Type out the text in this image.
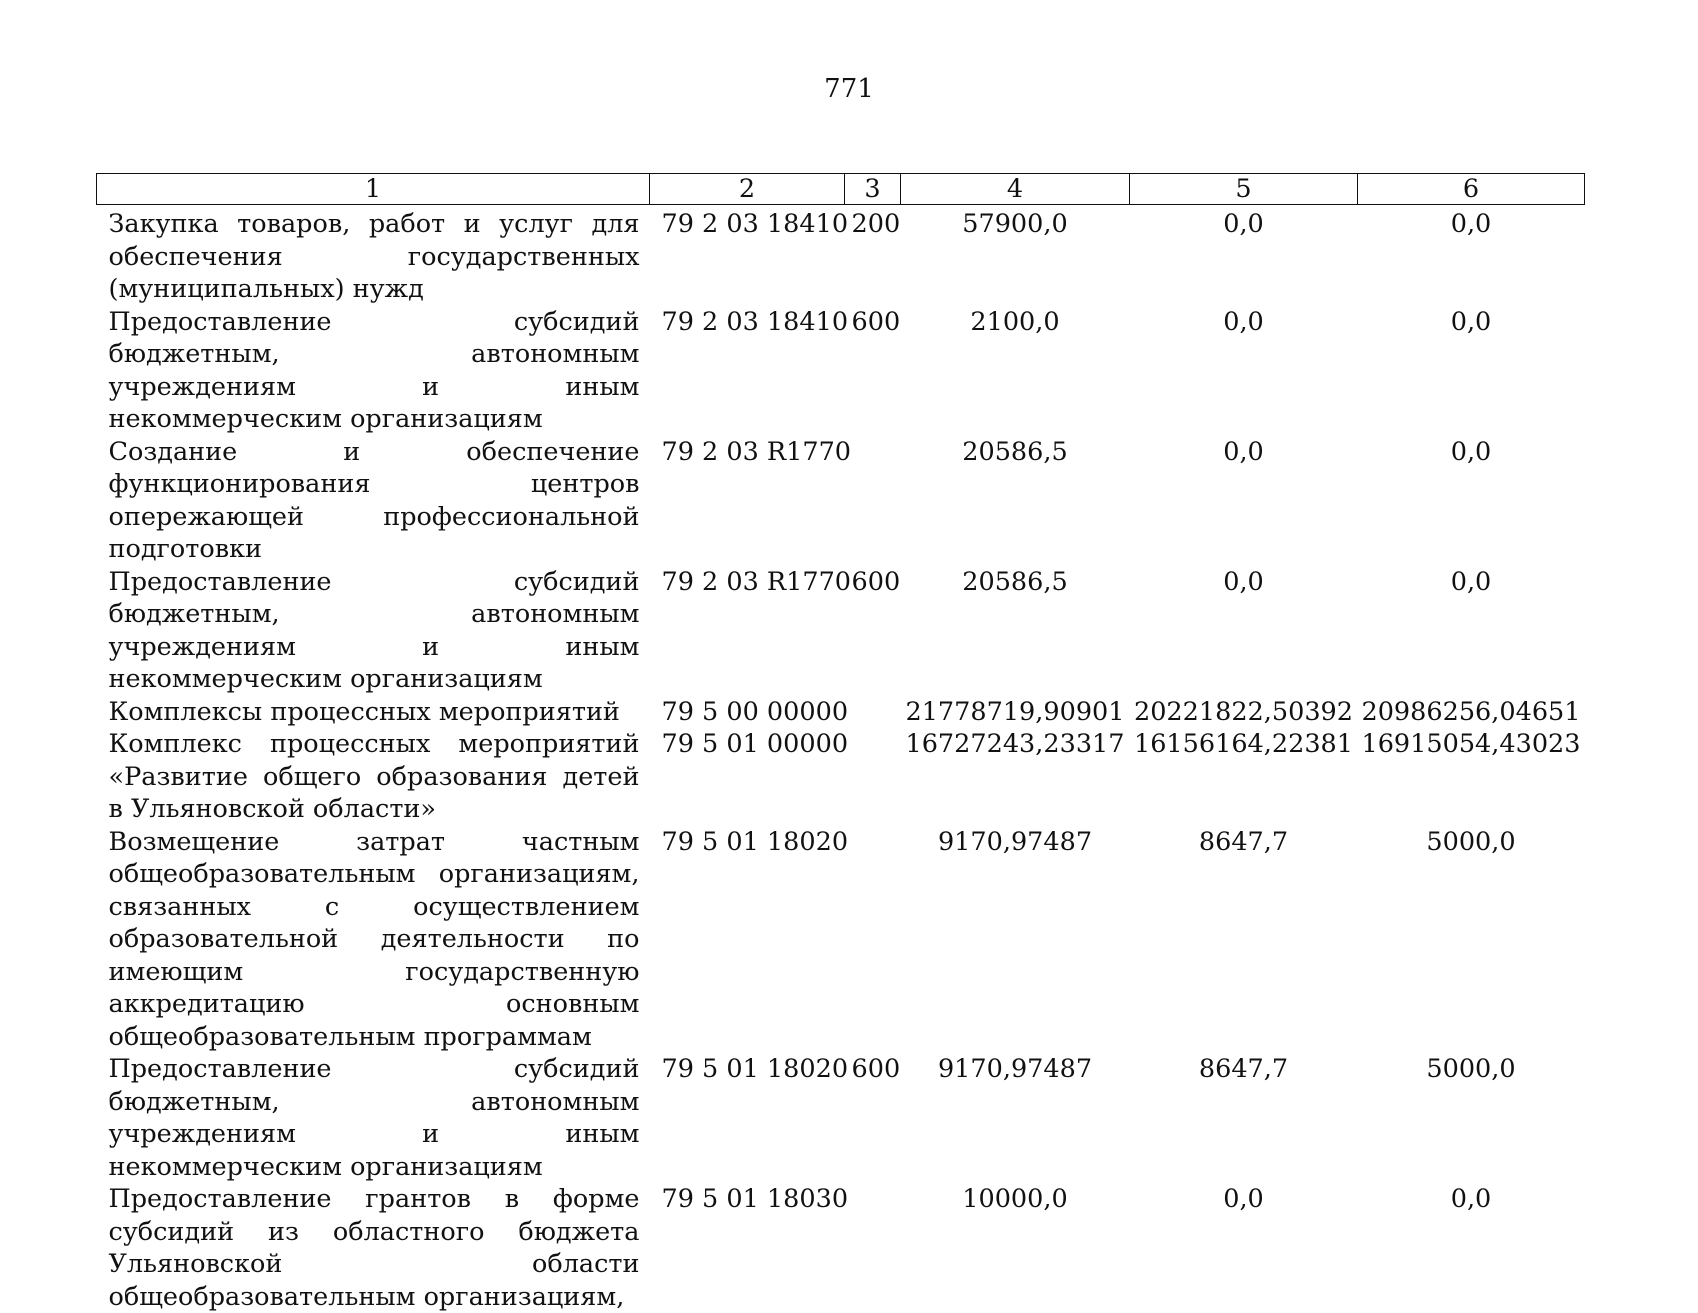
771
1	2	3	4	5	6
Закупка товаров, работ и услуг для обеспечения государственных (муниципальных) нужд	79 2 03 18410	200	57900,0	0,0	0,0
Предоставление субсидий бюджетным, автономным учреждениям и иным некоммерческим организациям	79 2 03 18410	600	2100,0	0,0	0,0
Создание и обеспечение функционирования центров опережающей профессиональной подготовки	79 2 03 R1770		20586,5	0,0	0,0
Предоставление субсидий бюджетным, автономным учреждениям и иным некоммерческим организациям	79 2 03 R1770	600	20586,5	0,0	0,0
Комплексы процессных мероприятий	79 5 00 00000		21778719,90901	20221822,50392	20986256,04651
Комплекс процессных мероприятий «Развитие общего образования детей в Ульяновской области»	79 5 01 00000		16727243,23317	16156164,22381	16915054,43023
Возмещение затрат частным общеобразовательным организациям, связанных с осуществлением образовательной деятельности по имеющим государственную аккредитацию основным общеобразовательным программам	79 5 01 18020		9170,97487	8647,7	5000,0
Предоставление субсидий бюджетным, автономным учреждениям и иным некоммерческим организациям	79 5 01 18020	600	9170,97487	8647,7	5000,0
Предоставление грантов в форме субсидий из областного бюджета Ульяновской области общеобразовательным организациям,	79 5 01 18030		10000,0	0,0	0,0
